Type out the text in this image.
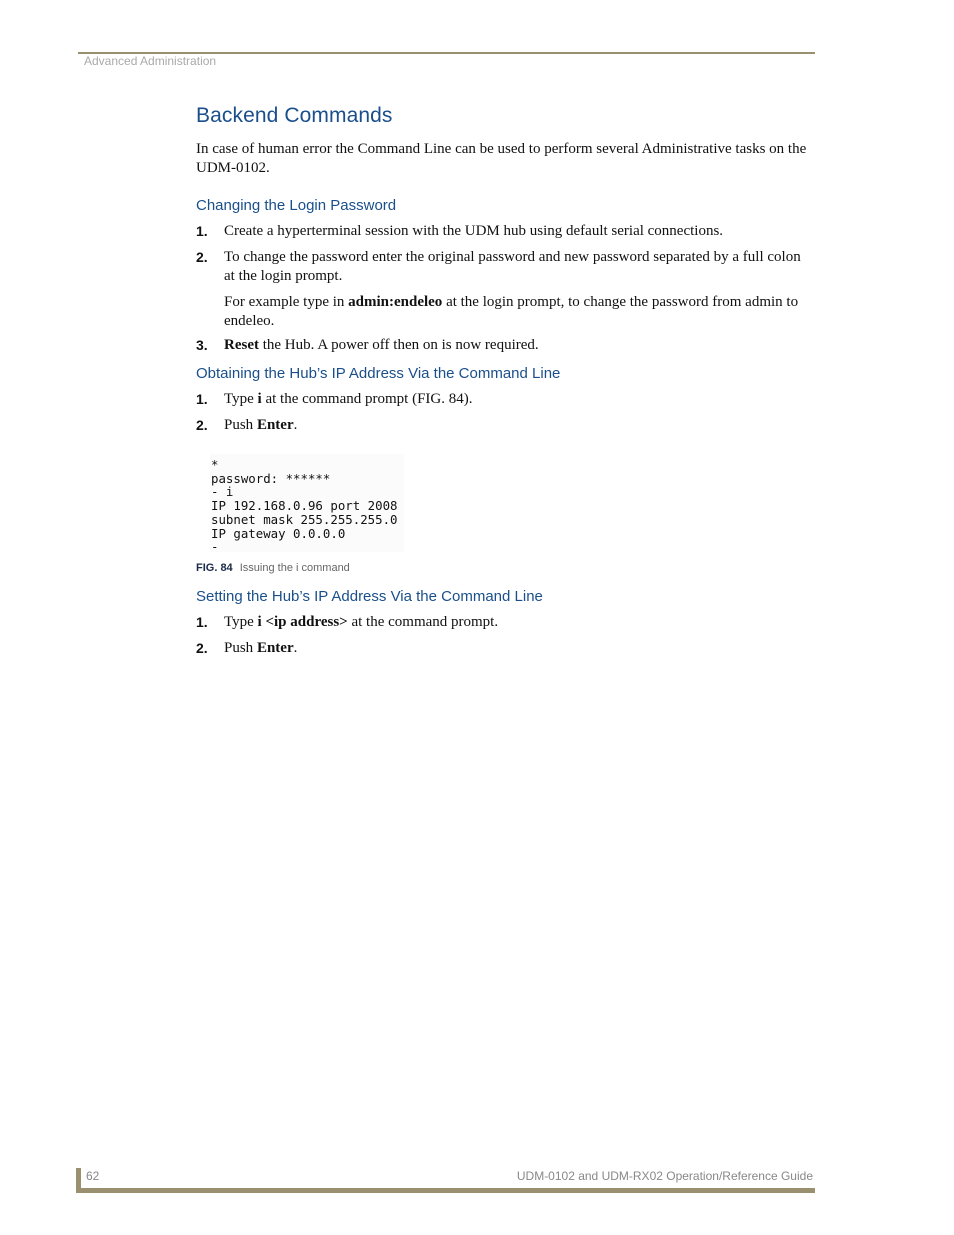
Advanced Administration
Backend Commands

In case of human error the Command Line can be used to perform several Administrative tasks on the UDM-0102.

Changing the Login Password
1. Create a hyperterminal session with the UDM hub using default serial connections.
2. To change the password enter the original password and new password separated by a full colon at the login prompt.
For example type in admin:endeleo at the login prompt, to change the password from admin to endeleo.
3. Reset the Hub. A power off then on is now required.
Obtaining the Hub’s IP Address Via the Command Line
1. Type i at the command prompt (FIG. 84).
2. Push Enter.
*
password: ******
- i
IP 192.168.0.96 port 2008
subnet mask 255.255.255.0
IP gateway 0.0.0.0
-
FIG. 84 Issuing the i command
Setting the Hub’s IP Address Via the Command Line
1. Type i <ip address> at the command prompt.
2. Push Enter.
62	UDM-0102 and UDM-RX02 Operation/Reference Guide
